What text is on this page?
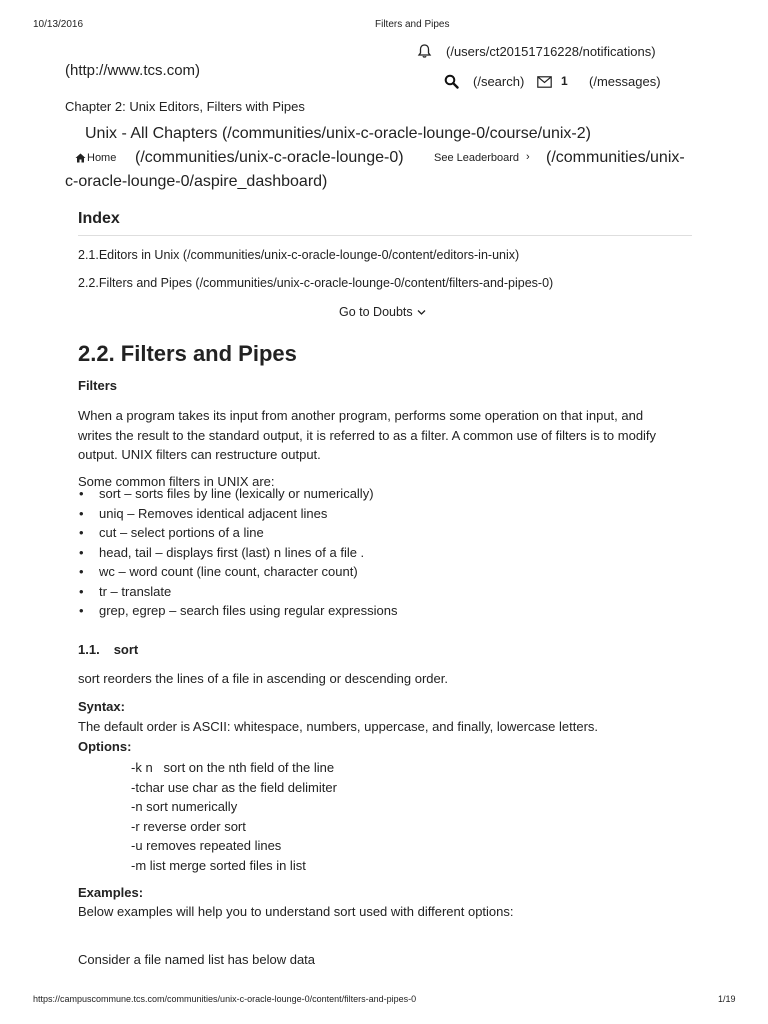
10/13/2016	Filters and Pipes
(/users/ct20151716228/notifications)
(http://www.tcs.com)
(/search)	1 (/messages)
Chapter 2: Unix Editors, Filters with Pipes
Unix - All Chapters (/communities/unix-c-oracle-lounge-0/course/unix-2)
Home (/communities/unix-c-oracle-lounge-0)	See Leaderboard › (/communities/unix-
c-oracle-lounge-0/aspire_dashboard)
Index
2.1.Editors in Unix (/communities/unix-c-oracle-lounge-0/content/editors-in-unix)
2.2.Filters and Pipes (/communities/unix-c-oracle-lounge-0/content/filters-and-pipes-0)
Go to Doubts
2.2. Filters and Pipes
Filters
When a program takes its input from another program, performs some operation on that input, and
writes the result to the standard output, it is referred to as a filter. A common use of filters is to modify
output. UNIX filters can restructure output.
Some common filters in UNIX are:
• sort – sorts files by line (lexically or numerically)
• uniq – Removes identical adjacent lines
• cut – select portions of a line
• head, tail – displays first (last) n lines of a file .
• wc – word count (line count, character count)
• tr – translate
• grep, egrep – search files using regular expressions
1.1. sort
sort reorders the lines of a file in ascending or descending order.
Syntax:
The default order is ASCII: whitespace, numbers, uppercase, and finally, lowercase letters.
Options:
-k n   sort on the nth field of the line
-tchar use char as the field delimiter
-n sort numerically
-r reverse order sort
-u removes repeated lines
-m list merge sorted files in list
Examples:
Below examples will help you to understand sort used with different options:
Consider a file named list has below data
https://campuscommune.tcs.com/communities/unix-c-oracle-lounge-0/content/filters-and-pipes-0	1/19
